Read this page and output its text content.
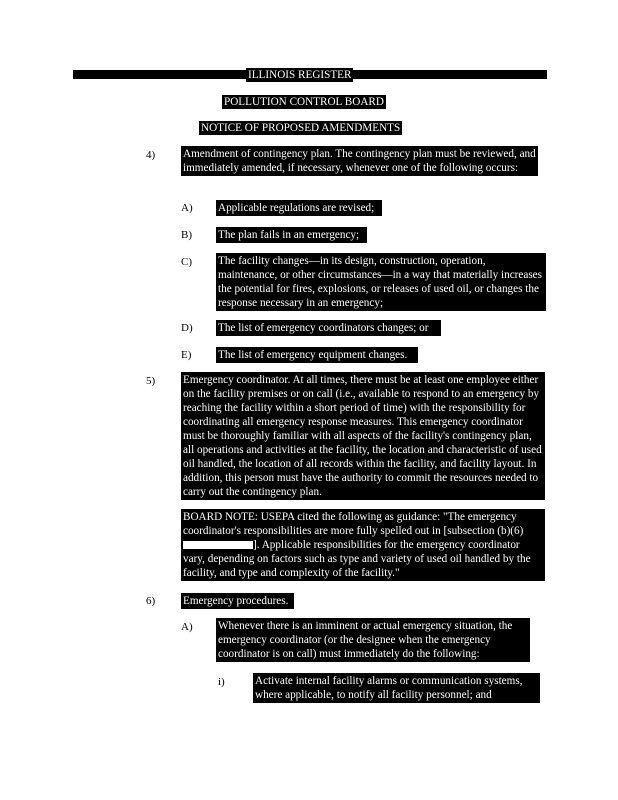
ILLINOIS REGISTER
POLLUTION CONTROL BOARD
NOTICE OF PROPOSED AMENDMENTS
4) Amendment of contingency plan. The contingency plan must be reviewed, and immediately amended, if necessary, whenever one of the following occurs:
A) Applicable regulations are revised;
B) The plan fails in an emergency;
C) The facility changes—in its design, construction, operation, maintenance, or other circumstances—in a way that materially increases the potential for fires, explosions, or releases of used oil, or changes the response necessary in an emergency;
D) The list of emergency coordinators changes; or
E) The list of emergency equipment changes.
5) Emergency coordinator. At all times, there must be at least one employee either on the facility premises or on call (i.e., available to respond to an emergency by reaching the facility within a short period of time) with the responsibility for coordinating all emergency response measures. This emergency coordinator must be thoroughly familiar with all aspects of the facility's contingency plan, all operations and activities at the facility, the location and characteristic of used oil handled, the location of all records within the facility, and facility layout. In addition, this person must have the authority to commit the resources needed to carry out the contingency plan.
BOARD NOTE: USEPA cited the following as guidance: "The emergency coordinator's responsibilities are more fully spelled out in [subsection (b)(6) ]. Applicable responsibilities for the emergency coordinator vary, depending on factors such as type and variety of used oil handled by the facility, and type and complexity of the facility."
6) Emergency procedures.
A) Whenever there is an imminent or actual emergency situation, the emergency coordinator (or the designee when the emergency coordinator is on call) must immediately do the following:
i)	Activate internal facility alarms or communication systems, where applicable, to notify all facility personnel; and
